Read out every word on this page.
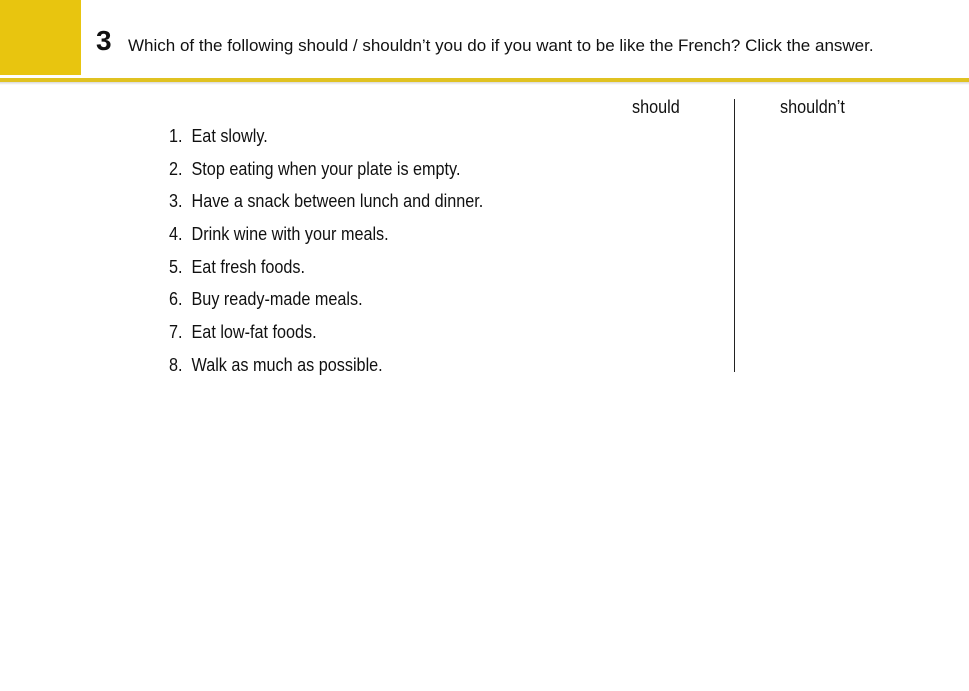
3 Which of the following should / shouldn’t you do if you want to be like the French? Click the answer.
should	shouldn’t
1. Eat slowly.
2. Stop eating when your plate is empty.
3. Have a snack between lunch and dinner.
4. Drink wine with your meals.
5. Eat fresh foods.
6. Buy ready-made meals.
7. Eat low-fat foods.
8. Walk as much as possible.
